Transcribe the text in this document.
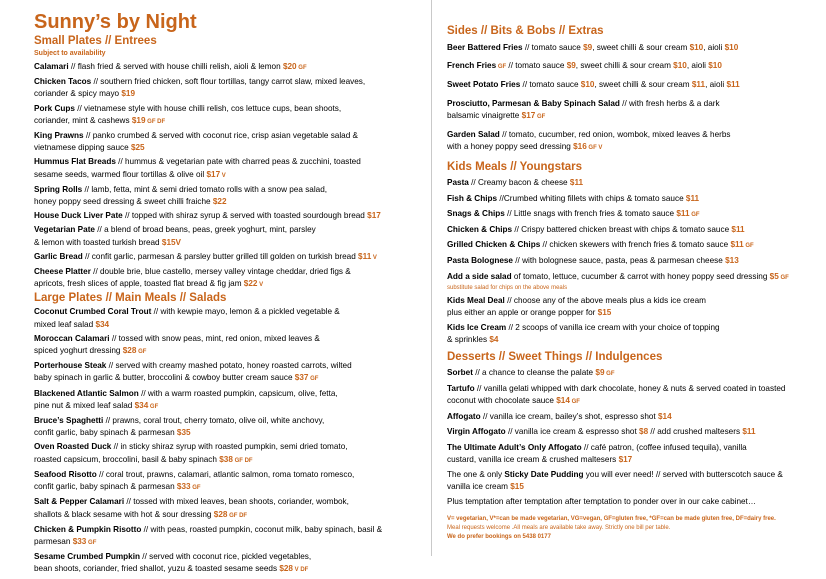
Sunny’s by Night
Small Plates // Entrees
Subject to availability
Calamari // flash fried & served with house chilli relish, aioli & lemon $20 GF
Chicken Tacos // southern fried chicken, soft flour tortillas, tangy carrot slaw, mixed leaves,
coriander & spicy mayo $19
Pork Cups // vietnamese style with house chilli relish, cos lettuce cups, bean shoots,
coriander, mint & cashews $19 GF DF
King Prawns // panko crumbed & served with coconut rice, crisp asian vegetable salad &
vietnamese dipping sauce $25
Hummus Flat Breads // hummus & vegetarian pate with charred peas & zucchini, toasted
sesame seeds, warmed flour tortillas & olive oil $17 V
Spring Rolls // lamb, fetta, mint & semi dried tomato rolls with a snow pea salad,
honey poppy seed dressing & sweet chilli fraiche $22
House Duck Liver Pate // topped with shiraz syrup & served with toasted sourdough bread $17
Vegetarian Pate // a blend of broad beans, peas, greek yoghurt, mint, parsley
& lemon with toasted turkish bread $15V
Garlic Bread // confit garlic, parmesan & parsley butter grilled till golden on turkish bread $11 V
Cheese Platter // double brie, blue castello, mersey valley vintage cheddar, dried figs &
apricots, fresh slices of apple, toasted flat bread & fig jam $22 V
Large Plates // Main Meals // Salads
Coconut Crumbed Coral Trout // with kewpie mayo, lemon & a pickled vegetable &
mixed leaf salad $34
Moroccan Calamari // tossed with snow peas, mint, red onion, mixed leaves &
spiced yoghurt dressing $28 GF
Porterhouse Steak // served with creamy mashed potato, honey roasted carrots, wilted
baby spinach in garlic & butter, broccolini & cowboy butter cream sauce $37 GF
Blackened Atlantic Salmon // with a warm roasted pumpkin, capsicum, olive, fetta,
pine nut & mixed leaf salad $34 GF
Bruce’s Spaghetti // prawns, coral trout, cherry tomato, olive oil, white anchovy,
confit garlic, baby spinach & parmesan $35
Oven Roasted Duck // in sticky shiraz syrup with roasted pumpkin, semi dried tomato,
roasted capsicum, broccolini, basil & baby spinach $38 GF DF
Seafood Risotto // coral trout, prawns, calamari, atlantic salmon, roma tomato romesco,
confit garlic, baby spinach & parmesan $33 GF
Salt & Pepper Calamari // tossed with mixed leaves, bean shoots, coriander, wombok,
shallots & black sesame with hot & sour dressing $28 GF DF
Chicken & Pumpkin Risotto // with peas, roasted pumpkin, coconut milk, baby spinach, basil &
parmesan $33 GF
Sesame Crumbed Pumpkin // served with coconut rice, pickled vegetables,
bean shoots, coriander, fried shallot, yuzu & toasted sesame seeds $28 V DF
Sides // Bits & Bobs // Extras
Beer Battered Fries // tomato sauce $9, sweet chilli & sour cream $10, aioli $10
French Fries GF // tomato sauce $9, sweet chilli & sour cream $10, aioli $10
Sweet Potato Fries // tomato sauce $10, sweet chilli & sour cream $11, aioli $11
Prosciutto, Parmesan & Baby Spinach Salad // with fresh herbs & a dark
balsamic vinaigrette $17 GF
Garden Salad // tomato, cucumber, red onion, wombok, mixed leaves & herbs
with a honey poppy seed dressing $16 GF V
Kids Meals // Youngstars
Pasta // Creamy bacon & cheese $11
Fish & Chips //Crumbed whiting fillets with chips & tomato sauce $11
Snags & Chips // Little snags with french fries & tomato sauce $11 GF
Chicken & Chips // Crispy battered chicken breast with chips & tomato sauce $11
Grilled Chicken & Chips // chicken skewers with french fries & tomato sauce $11 GF
Pasta Bolognese // with bolognese sauce, pasta, peas & parmesan cheese $13
Add a side salad of tomato, lettuce, cucumber & carrot with honey poppy seed dressing $5 GF
substitute salad for chips on the above meals
Kids Meal Deal // choose any of the above meals plus a kids ice cream
plus either an apple or orange popper for $15
Kids Ice Cream // 2 scoops of vanilla ice cream with your choice of topping
& sprinkles $4
Desserts // Sweet Things // Indulgences
Sorbet // a chance to cleanse the palate $9 GF
Tartufo // vanilla gelati whipped with dark chocolate, honey & nuts & served coated in toasted
coconut with chocolate sauce $14 GF
Affogato // vanilla ice cream, bailey’s shot, espresso shot $14
Virgin Affogato // vanilla ice cream & espresso shot $8 // add crushed maltesers $11
The Ultimate Adult’s Only Affogato // café patron, (coffee infused tequila), vanilla
custard, vanilla ice cream & crushed maltesers $17
The one & only Sticky Date Pudding you will ever need! // served with butterscotch sauce &
vanilla ice cream $15
Plus temptation after temptation after temptation to ponder over in our cake cabinet…
V= vegetarian, V*=can be made vegetarian, VG=vegan, GF=gluten free, *GF=can be made gluten free, DF=dairy free.
Meal requests welcome .All meals are available take away. Strictly one bill per table.
We do prefer bookings on 5438 0177
